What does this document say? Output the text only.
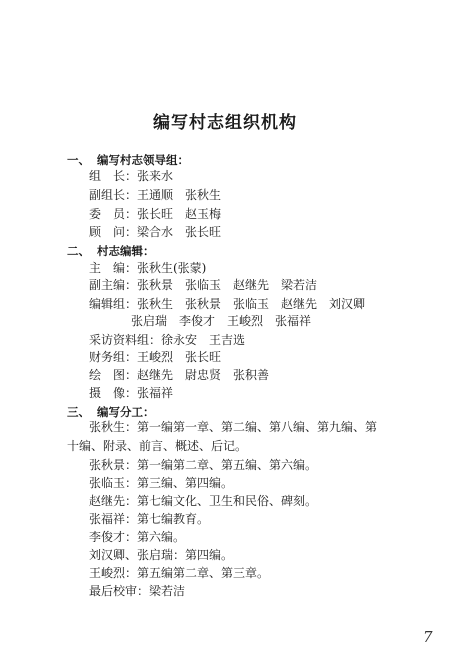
编写村志组织机构
一、 编写村志领导组：
组　长：张来水
副组长：王通顺　张秋生
委　员：张长旺　赵玉梅
顾　问：梁合水　张长旺
二、 村志编辑：
主　编：张秋生(张蒙)
副主编：张秋景　张临玉　赵继先　梁若洁
编辑组：张秋生　张秋景　张临玉　赵继先　刘汉卿
张启瑞　李俊才　王峻烈　张福祥
采访资料组：徐永安　王吉选
财务组：王峻烈　张长旺
绘　图：赵继先　尉忠贤　张积善
摄　像：张福祥
三、 编写分工：
张秋生：第一编第一章、第二编、第八编、第九编、第十编、附录、前言、概述、后记。
张秋景：第一编第二章、第五编、第六编。
张临玉：第三编、第四编。
赵继先：第七编文化、卫生和民俗、碑刻。
张福祥：第七编教育。
李俊才：第六编。
刘汉卿、张启瑞：第四编。
王峻烈：第五编第二章、第三章。
最后校审：梁若洁
7
